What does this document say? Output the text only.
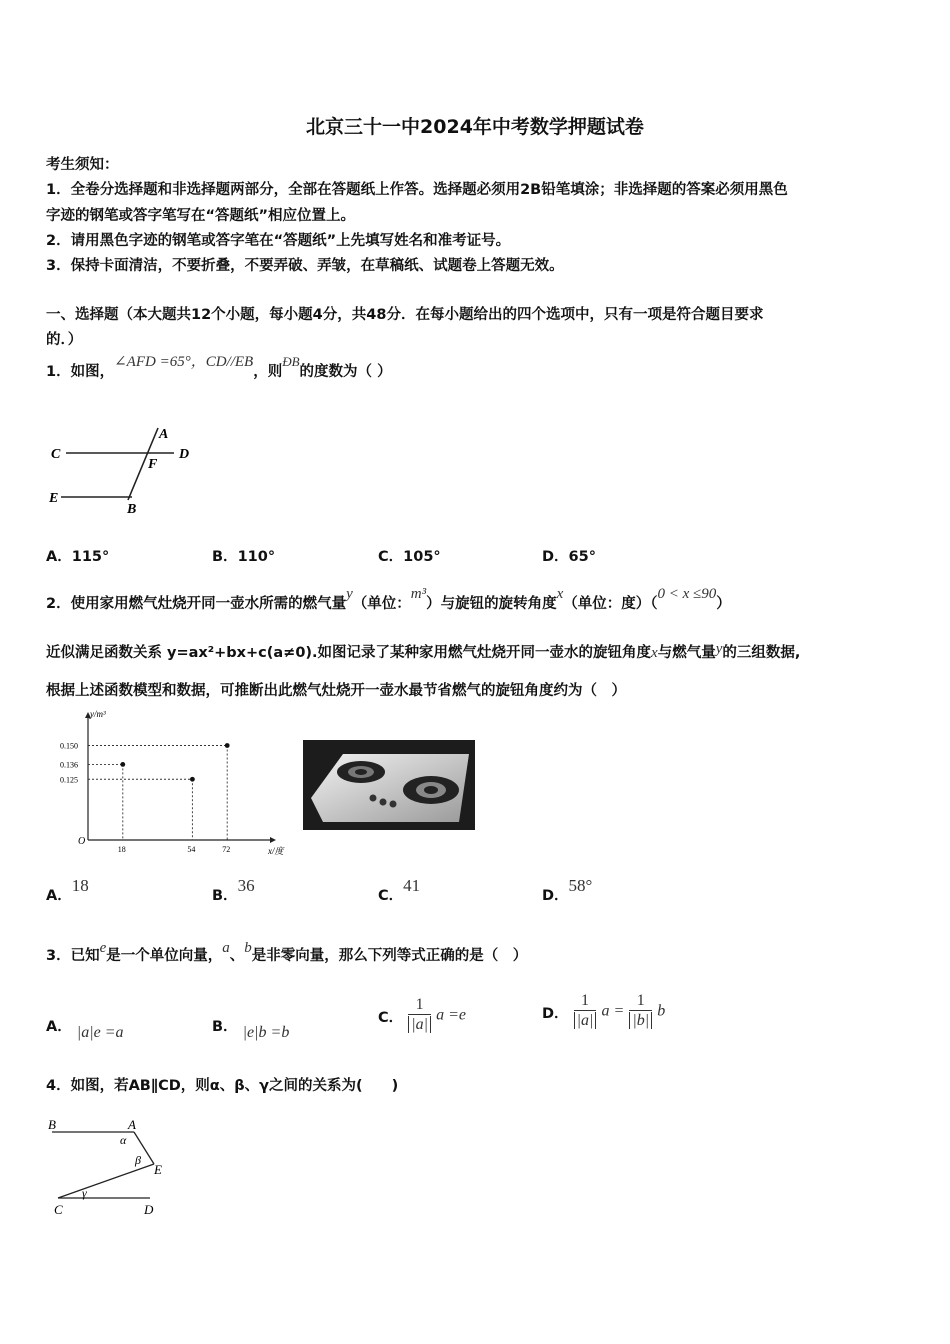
北京三十一中2024年中考数学押题试卷
考生须知：
1．全卷分选择题和非选择题两部分，全部在答题纸上作答。选择题必须用2B铅笔填涂；非选择题的答案必须用黑色
字迹的钢笔或答字笔写在“答题纸”相应位置上。
2．请用黑色字迹的钢笔或答字笔在“答题纸”上先填写姓名和准考证号。
3．保持卡面清洁，不要折叠，不要弄破、弄皱，在草稿纸、试题卷上答题无效。
一、选择题（本大题共12个小题，每小题4分，共48分．在每小题给出的四个选项中，只有一项是符合题目要求
的．）
1．如图，∠AFD =65°，CD//EB，则ÐB的度数为（ ）
A
C	D
F
E
B
A．115°	B．110°	C．105°	D．65°
2．使用家用燃气灶烧开同一壶水所需的燃气量y（单位：m³）与旋钮的旋转角度x（单位：度）（0 < x ≤90）
近似满足函数关系 y=ax²+bx+c(a≠0).如图记录了某种家用燃气灶烧开同一壶水的旋钮角度x与燃气量y的三组数据,
根据上述函数模型和数据，可推断出此燃气灶烧开一壶水最节省燃气的旋钮角度约为（　）
y/m³
x/度
O
18	54	72
0.150
0.136
0.125
A．18
B．36
C．41
D．58°
3．已知e是一个单位向量，a、b是非零向量，那么下列等式正确的是（　）
A． |a|e =a	B． |e|b =b
C． $\frac{1}{|a|}$ a =e	D． $\frac{1}{|a|}$ $a = \frac{1}{|b|}$ b
4．如图，若AB∥CD，则α、β、γ之间的关系为(　　)
B	A
α
β
E
γ
C	D
